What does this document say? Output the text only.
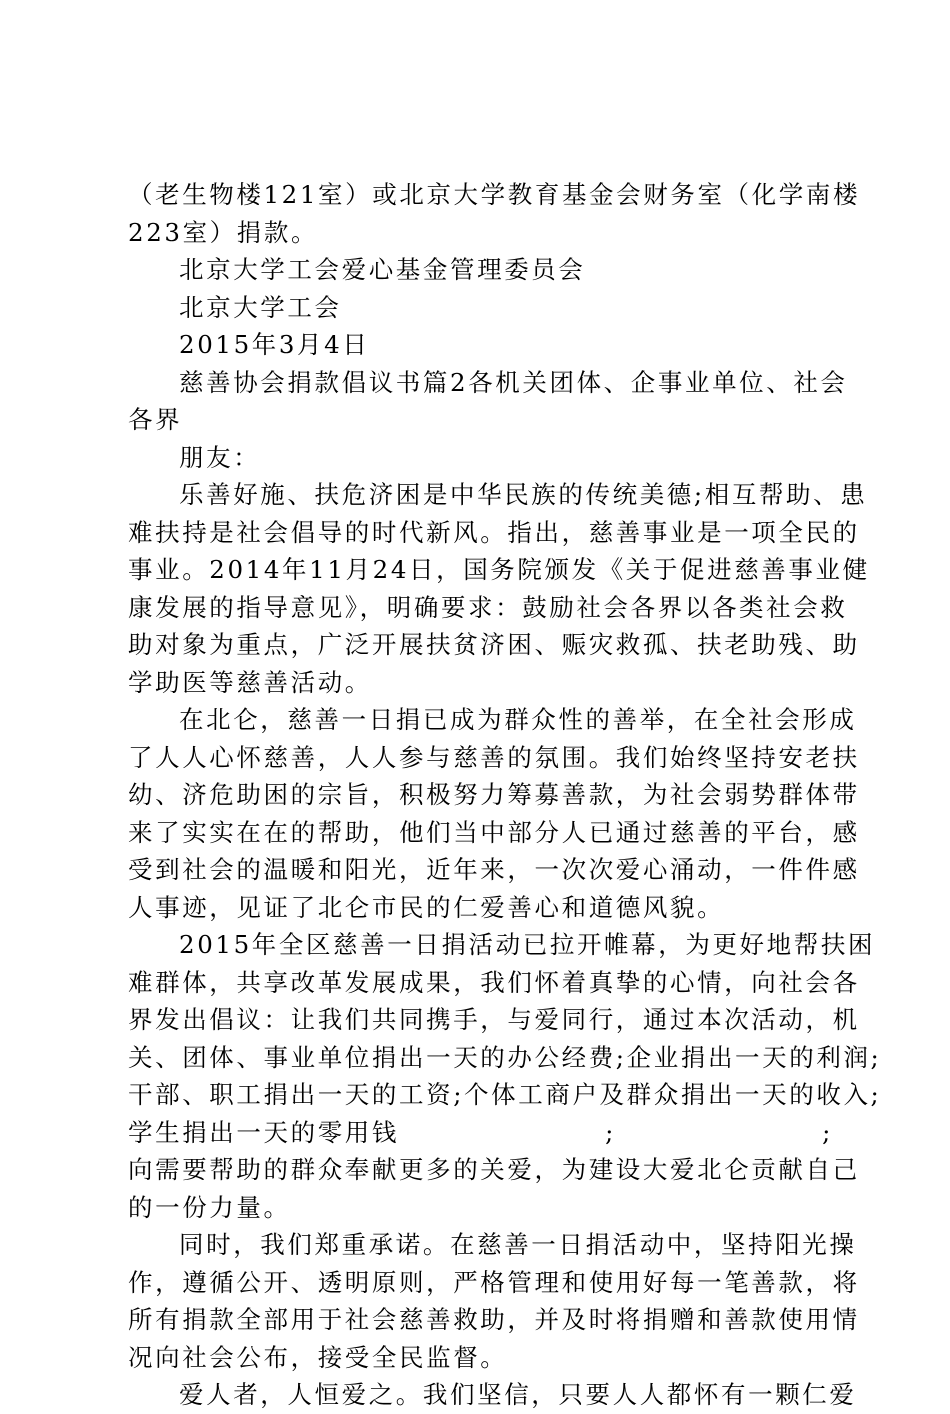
（老生物楼121室）或北京大学教育基金会财务室（化学南楼
223室）捐款。
北京大学工会爱心基金管理委员会
北京大学工会
2015年3月4日
慈善协会捐款倡议书篇2各机关团体、企事业单位、社会
各界
朋友：
乐善好施、扶危济困是中华民族的传统美德;相互帮助、患
难扶持是社会倡导的时代新风。指出，慈善事业是一项全民的
事业。2014年11月24日，国务院颁发《关于促进慈善事业健
康发展的指导意见》，明确要求：鼓励社会各界以各类社会救
助对象为重点，广泛开展扶贫济困、赈灾救孤、扶老助残、助
学助医等慈善活动。
在北仑，慈善一日捐已成为群众性的善举，在全社会形成
了人人心怀慈善，人人参与慈善的氛围。我们始终坚持安老扶
幼、济危助困的宗旨，积极努力筹募善款，为社会弱势群体带
来了实实在在的帮助，他们当中部分人已通过慈善的平台，感
受到社会的温暖和阳光，近年来，一次次爱心涌动，一件件感
人事迹，见证了北仑市民的仁爱善心和道德风貌。
2015年全区慈善一日捐活动已拉开帷幕，为更好地帮扶困
难群体，共享改革发展成果，我们怀着真挚的心情，向社会各
界发出倡议：让我们共同携手，与爱同行，通过本次活动，机
关、团体、事业单位捐出一天的办公经费;企业捐出一天的利润;
干部、职工捐出一天的工资;个体工商户及群众捐出一天的收入;
学生捐出一天的零用钱	;	;
向需要帮助的群众奉献更多的关爱，为建设大爱北仑贡献自己
的一份力量。
同时，我们郑重承诺。在慈善一日捐活动中，坚持阳光操
作，遵循公开、透明原则，严格管理和使用好每一笔善款，将
所有捐款全部用于社会慈善救助，并及时将捐赠和善款使用情
况向社会公布，接受全民监督。
爱人者，人恒爱之。我们坚信，只要人人都怀有一颗仁爱
